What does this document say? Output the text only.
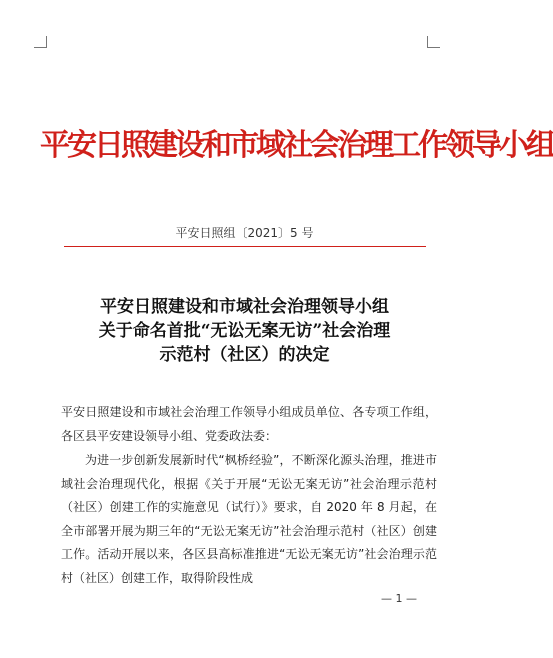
平安日照建设和市域社会治理工作领导小组
平安日照组〔2021〕5 号
平安日照建设和市域社会治理领导小组
关于命名首批“无讼无案无访”社会治理
示范村（社区）的决定
平安日照建设和市域社会治理工作领导小组成员单位、各专项工作组，各区县平安建设领导小组、党委政法委：
为进一步创新发展新时代“枫桥经验”，不断深化源头治理，推进市域社会治理现代化，根据《关于开展“无讼无案无访”社会治理示范村（社区）创建工作的实施意见（试行）》要求，自 2020 年 8 月起，在全市部署开展为期三年的“无讼无案无访”社会治理示范村（社区）创建工作。活动开展以来，各区县高标准推进“无讼无案无访”社会治理示范村（社区）创建工作，取得阶段性成
— 1 —
